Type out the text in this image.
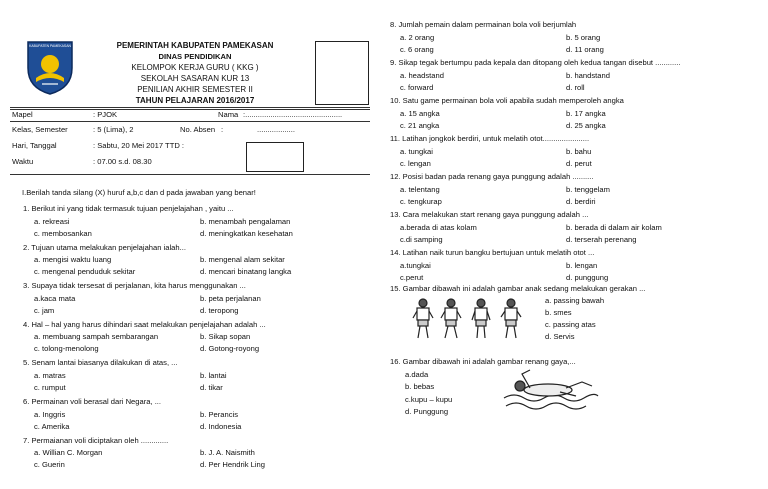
KABUPATEN PAMEKASAN	PEMERINTAH KABUPATEN PAMEKASAN
DINAS PENDIDIKAN
KELOMPOK KERJA GURU ( KKG )
SEKOLAH SASARAN KUR 13
PENILIAN AKHIR SEMESTER II
TAHUN PELAJARAN 2016/2017
Mapel	: PJOK	Nama :..............................................
Kelas, Semester	: 5 (Lima), 2	No. Absen :	..................
Hari, Tanggal	: Sabtu, 20 Mei 2017 TTD :
Waktu	: 07.00 s.d. 08.30
I.Berilah tanda silang (X) huruf a,b,c dan d pada jawaban yang benar!
1. Berikut ini yang tidak termasuk tujuan penjelajahan , yaitu ...
a. rekreasi	b. menambah pengalaman
c. membosankan	d. meningkatkan kesehatan
2. Tujuan utama melakukan penjelajahan ialah...
a. mengisi waktu luang	b. mengenal alam sekitar
c. mengenal penduduk sekitar	d. mencari binatang langka
3. Supaya tidak tersesat di perjalanan, kita harus menggunakan ...
a.kaca mata	b. peta perjalanan
c. jam	d. teropong
4. Hal – hal yang harus dihindari saat melakukan penjelajahan adalah ...
a. membuang sampah sembarangan	b. Sikap sopan
c. tolong-menolong	d. Gotong-royong
5. Senam lantai biasanya dilakukan di atas, ...
a. matras	b. lantai
c. rumput	d. tikar
6. Permainan voli berasal dari Negara, ...
a. Inggris	b. Perancis
c. Amerika	d. Indonesia
7. Permaianan voli diciptakan oleh .............
a. Willian C. Morgan	b. J. A. Naismith
c. Guerin	d. Per Hendrik Ling
8. Jumlah pemain dalam permainan bola voli berjumlah
a. 2 orang	b. 5 orang
c. 6 orang	d. 11 orang
9. Sikap tegak bertumpu pada kepala dan ditopang oleh kedua tangan disebut ............
a. headstand	b. handstand
c. forward	d. roll
10. Satu game permainan bola voli apabila sudah memperoleh angka
a. 15 angka	b. 17 angka
c. 21 angka	d. 25 angka
11. Latihan jongkok berdiri, untuk melatih otot......................
a. tungkai	b. bahu
c. lengan	d. perut
12. Posisi badan pada renang gaya punggung adalah ..........
a. telentang	b. tenggelam
c. tengkurap	d. berdiri
13. Cara melakukan start renang gaya punggung adalah ...
a.berada di atas kolam	b. berada di dalam air kolam
c.di samping	d. terserah perenang
14. Latihan naik turun bangku bertujuan untuk melatih otot ...
a.tungkai	b. lengan
c.perut	d. punggung
15. Gambar dibawah ini adalah gambar anak sedang melakukan gerakan ...
a. passing bawah
b. smes
c. passing atas
d. Servis
16. Gambar dibawah ini adalah gambar renang gaya,...
a.dada
b. bebas
c.kupu – kupu
d. Punggung
